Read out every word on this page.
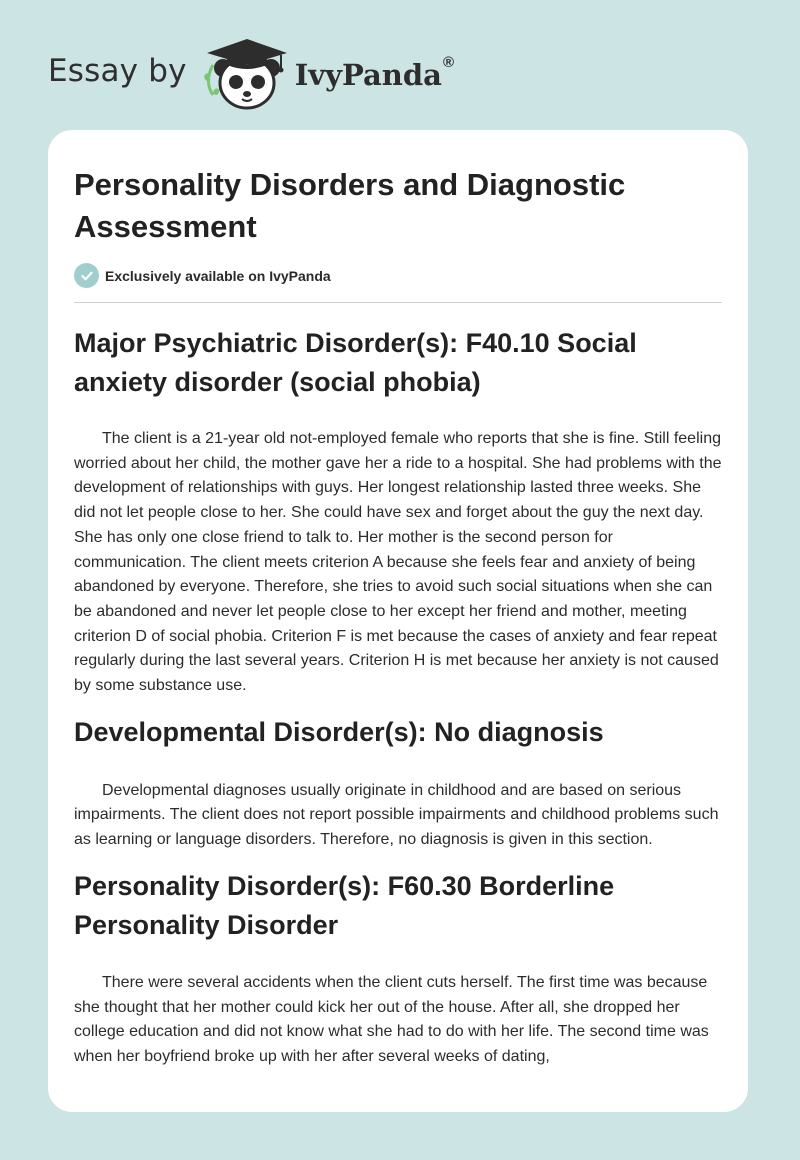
Essay by	IvyPanda®
Personality Disorders and Diagnostic Assessment
Exclusively available on IvyPanda
Major Psychiatric Disorder(s): F40.10 Social anxiety disorder (social phobia)

The client is a 21-year old not-employed female who reports that she is fine. Still feeling worried about her child, the mother gave her a ride to a hospital. She had problems with the development of relationships with guys. Her longest relationship lasted three weeks. She did not let people close to her. She could have sex and forget about the guy the next day. She has only one close friend to talk to. Her mother is the second person for communication. The client meets criterion A because she feels fear and anxiety of being abandoned by everyone. Therefore, she tries to avoid such social situations when she can be abandoned and never let people close to her except her friend and mother, meeting criterion D of social phobia. Criterion F is met because the cases of anxiety and fear repeat regularly during the last several years. Criterion H is met because her anxiety is not caused by some substance use.

Developmental Disorder(s): No diagnosis

Developmental diagnoses usually originate in childhood and are based on serious impairments. The client does not report possible impairments and childhood problems such as learning or language disorders. Therefore, no diagnosis is given in this section.

Personality Disorder(s): F60.30 Borderline Personality Disorder

There were several accidents when the client cuts herself. The first time was because she thought that her mother could kick her out of the house. After all, she dropped her college education and did not know what she had to do with her life. The second time was when her boyfriend broke up with her after several weeks of dating,
